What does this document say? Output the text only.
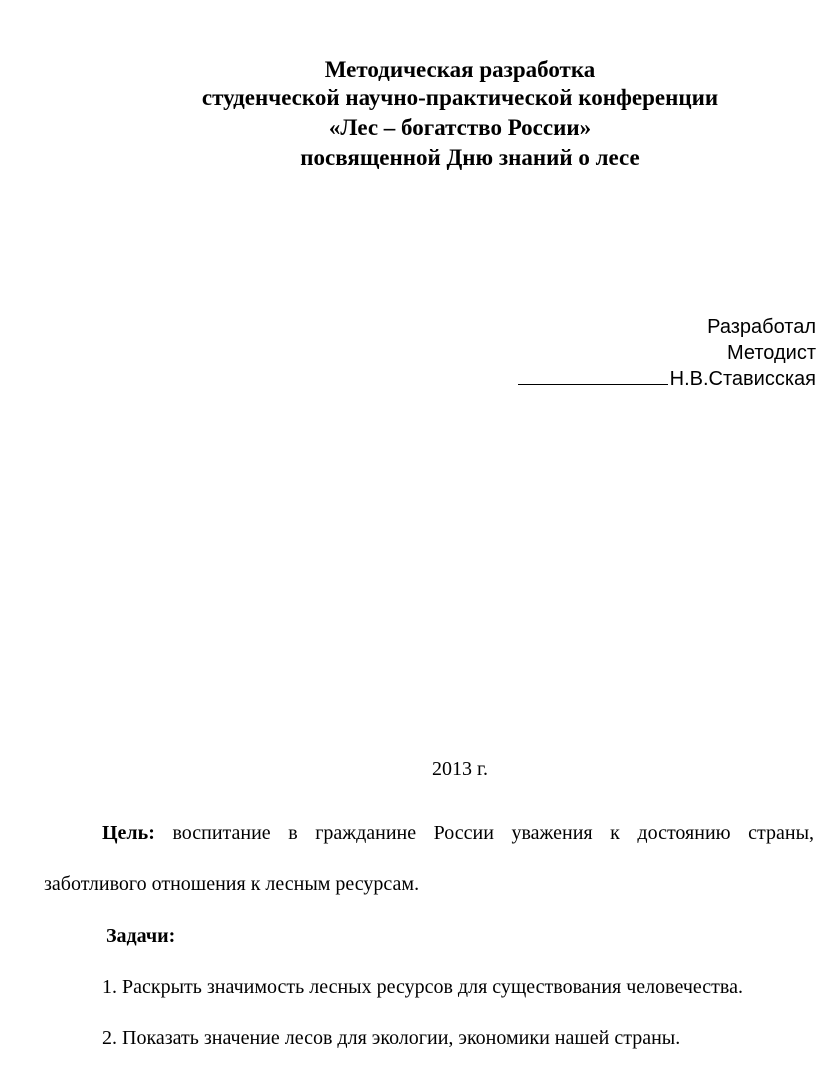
Методическая разработка
студенческой научно-практической конференции
«Лес – богатство России»
посвященной Дню знаний о лесе
Разработал
Методист
Н.В.Стависская
2013 г.
Цель: воспитание в гражданине России уважения к достоянию страны,
заботливого отношения к лесным ресурсам.
Задачи:
1. Раскрыть значимость лесных ресурсов для существования человечества.
2. Показать значение лесов для экологии, экономики нашей страны.
